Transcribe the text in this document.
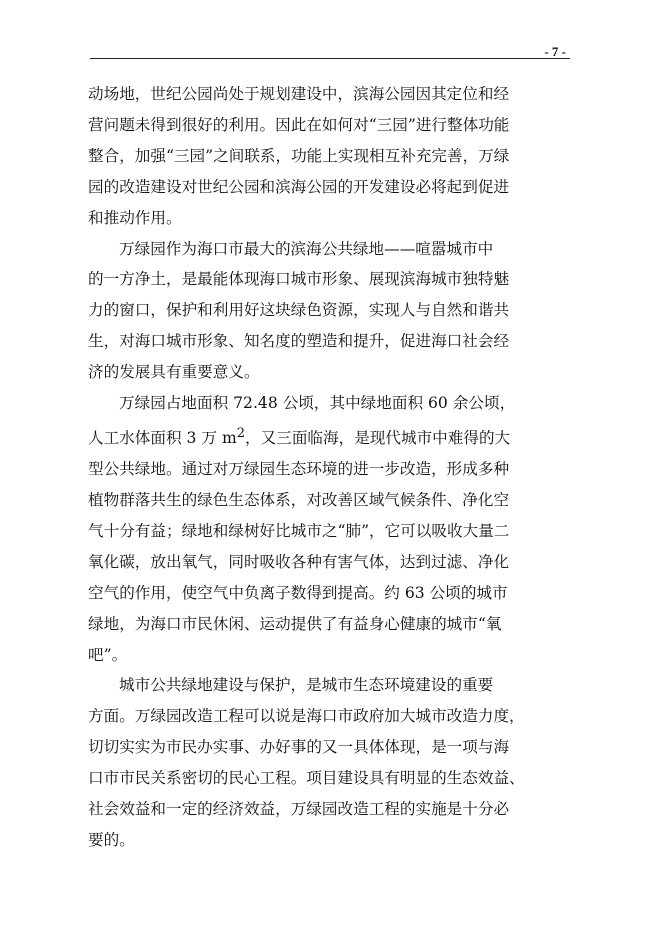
- 7 -

动场地，世纪公园尚处于规划建设中，滨海公园因其定位和经
营问题未得到很好的利用。因此在如何对“三园”进行整体功能
整合，加强“三园”之间联系，功能上实现相互补充完善，万绿
园的改造建设对世纪公园和滨海公园的开发建设必将起到促进
和推动作用。

万绿园作为海口市最大的滨海公共绿地——喧嚣城市中
的一方净土，是最能体现海口城市形象、展现滨海城市独特魅
力的窗口，保护和利用好这块绿色资源，实现人与自然和谐共
生，对海口城市形象、知名度的塑造和提升，促进海口社会经
济的发展具有重要意义。

万绿园占地面积 72.48 公顷，其中绿地面积 60 余公顷，
人工水体面积 3 万 $m^2$，又三面临海，是现代城市中难得的大
型公共绿地。通过对万绿园生态环境的进一步改造，形成多种
植物群落共生的绿色生态体系，对改善区域气候条件、净化空
气十分有益；绿地和绿树好比城市之“肺”，它可以吸收大量二
氧化碳，放出氧气，同时吸收各种有害气体，达到过滤、净化
空气的作用，使空气中负离子数得到提高。约 63 公顷的城市
绿地，为海口市民休闲、运动提供了有益身心健康的城市“氧
吧”。

城市公共绿地建设与保护，是城市生态环境建设的重要
方面。万绿园改造工程可以说是海口市政府加大城市改造力度，
切切实实为市民办实事、办好事的又一具体体现，是一项与海
口市市民关系密切的民心工程。项目建设具有明显的生态效益、
社会效益和一定的经济效益，万绿园改造工程的实施是十分必
要的。
